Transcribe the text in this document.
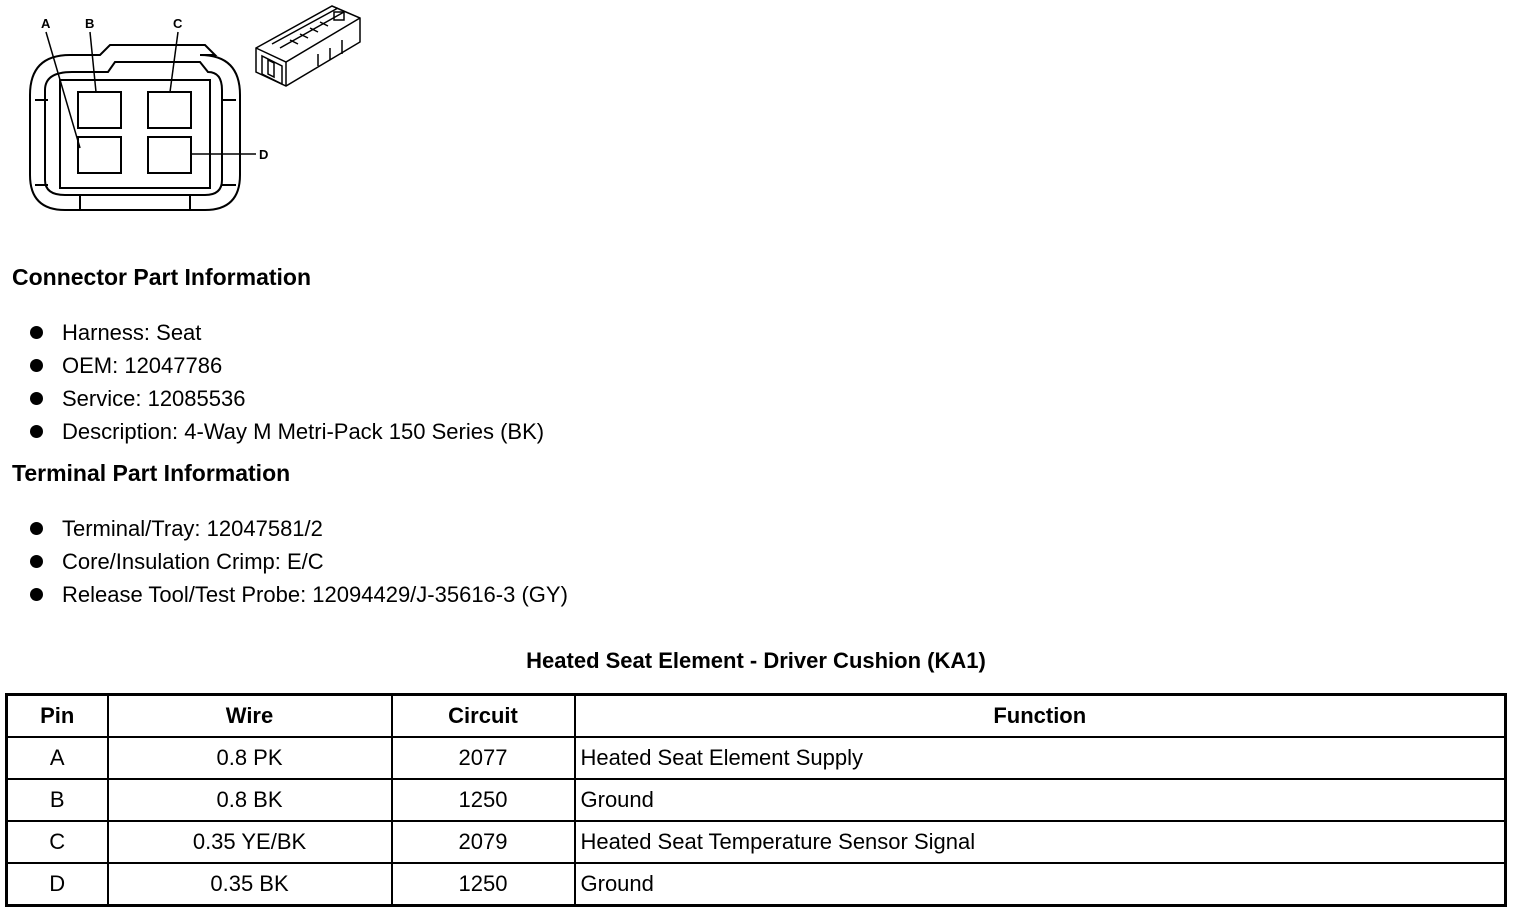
A	B	C
D
Connector Part Information
Harness: Seat
OEM: 12047786
Service: 12085536
Description: 4-Way M Metri-Pack 150 Series (BK)
Terminal Part Information
Terminal/Tray: 12047581/2
Core/Insulation Crimp: E/C
Release Tool/Test Probe: 12094429/J-35616-3 (GY)
Heated Seat Element - Driver Cushion (KA1)
Pin	Wire	Circuit	Function
A	0.8 PK	2077	Heated Seat Element Supply
B	0.8 BK	1250	Ground
C	0.35 YE/BK	2079	Heated Seat Temperature Sensor Signal
D	0.35 BK	1250	Ground
